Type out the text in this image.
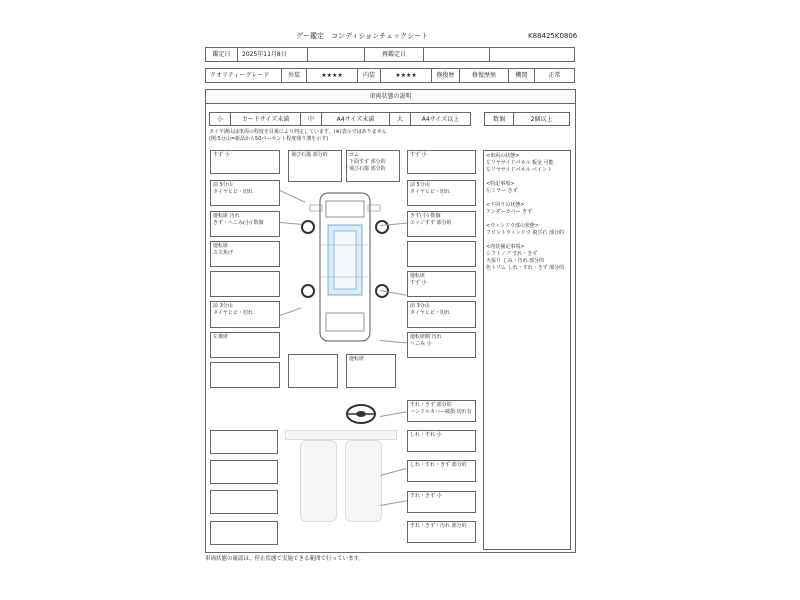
グー鑑定　コンディションチェックシート	K88425K0806
鑑定日	2025年11月8日	再鑑定日
クオリティーグレード	外装	★★★★	内装	★★★★	修復歴	修復歴無	機関	正常
車両状態の説明
小	カードサイズ未満	中	A4サイズ未満	大	A4サイズ以上	数個	2個以上
タイヤ溝山は車両の程度を目視により判定しています。(※)表示ではありません
(例:5分山=新品から50パーセント程度残り溝を示す)
すず 小
前 5分山
タイヤヒビ・切れ
運転席 汚れ
きず・へこみ(小) 数個
運転席
スス焦げ
前 3分山
タイヤヒビ・切れ
左後席
飛び石傷 部分的	ゴム
下面すず 部分的
飛び石傷 部分的
すず 小
前 5分山
タイヤヒビ・切れ
きず(小) 数個
エッジすず 部分的
運転席
すず 小
前 3分山
タイヤヒビ・切れ
運転席側 汚れ
へこみ 小
運転席
<車両の状態>
左リヤサイドパネル 板金 可能
左リヤサイドパネル ペイント
<特記事項>
左ミラー きず
<下回りの状態>
アンダーカバー きず
<ウィンドウ部の状態>
フロントウィンドウ 飛び石 部分的
<内装補足事項>
シフトノブ すれ・きず
天張り しみ・汚れ 部分的
色トリム しれ・すれ・きず 部分的
すれ・きず 部分的
ハンドルカバー破損 切れ有
しれ・すれ 小
しれ・すれ・きず 部分的
すれ・きず 小
すれ・きず・汚れ 部分的
車両状態の確認は、停止状態で実施できる範囲で行っています。
